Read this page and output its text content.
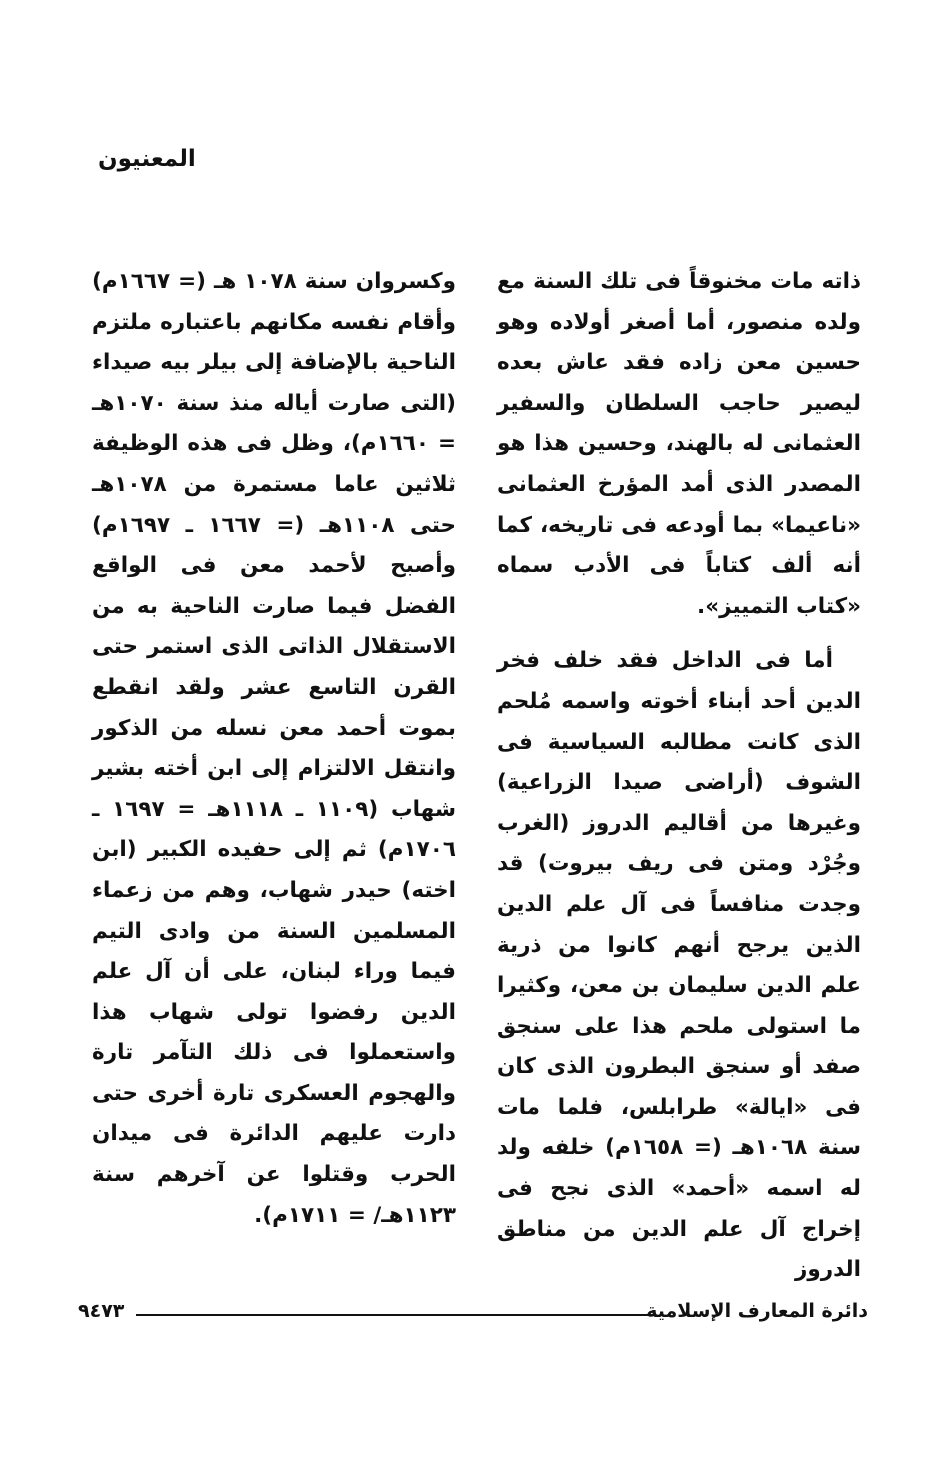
المعنيون

ذاته مات مخنوقاً فى تلك السنة مع ولده منصور، أما أصغر أولاده وهو حسين معن زاده فقد عاش بعده ليصير حاجب السلطان والسفير العثمانى له بالهند، وحسين هذا هو المصدر الذى أمد المؤرخ العثمانى «ناعيما» بما أودعه فى تاريخه، كما أنه ألف كتاباً فى الأدب سماه «كتاب التمييز».

أما فى الداخل فقد خلف فخر الدين أحد أبناء أخوته واسمه مُلحم الذى كانت مطالبه السياسية فى الشوف (أراضى صيدا الزراعية) وغيرها من أقاليم الدروز (الغرب وجُرْد ومتن فى ريف بيروت) قد وجدت منافساً فى آل علم الدين الذين يرجح أنهم كانوا من ذرية علم الدين سليمان بن معن، وكثيرا ما استولى ملحم هذا على سنجق صفد أو سنجق البطرون الذى كان فى «ايالة» طرابلس، فلما مات سنة ١٠٦٨هـ (= ١٦٥٨م) خلفه ولد له اسمه «أحمد» الذى نجح فى إخراج آل علم الدين من مناطق الدروز

وكسروان سنة ١٠٧٨ هـ (= ١٦٦٧م) وأقام نفسه مكانهم باعتباره ملتزم الناحية بالإضافة إلى بيلر بيه صيداء (التى صارت أياله منذ سنة ١٠٧٠هـ = ١٦٦٠م)، وظل فى هذه الوظيفة ثلاثين عاما مستمرة من ١٠٧٨هـ حتى ١١٠٨هـ (= ١٦٦٧ ـ ١٦٩٧م) وأصبح لأحمد معن فى الواقع الفضل فيما صارت الناحية به من الاستقلال الذاتى الذى استمر حتى القرن التاسع عشر ولقد انقطع بموت أحمد معن نسله من الذكور وانتقل الالتزام إلى ابن أخته بشير شهاب (١١٠٩ ـ ١١١٨هـ = ١٦٩٧ ـ ١٧٠٦م) ثم إلى حفيده الكبير (ابن اخته) حيدر شهاب، وهم من زعماء المسلمين السنة من وادى التيم فيما وراء لبنان، على أن آل علم الدين رفضوا تولى شهاب هذا واستعملوا فى ذلك التآمر تارة والهجوم العسكرى تارة أخرى حتى دارت عليهم الدائرة فى ميدان الحرب وقتلوا عن آخرهم سنة ١١٢٣هـ/ = ١٧١١م).

دائرة المعارف الإسلامية
٩٤٧٣
